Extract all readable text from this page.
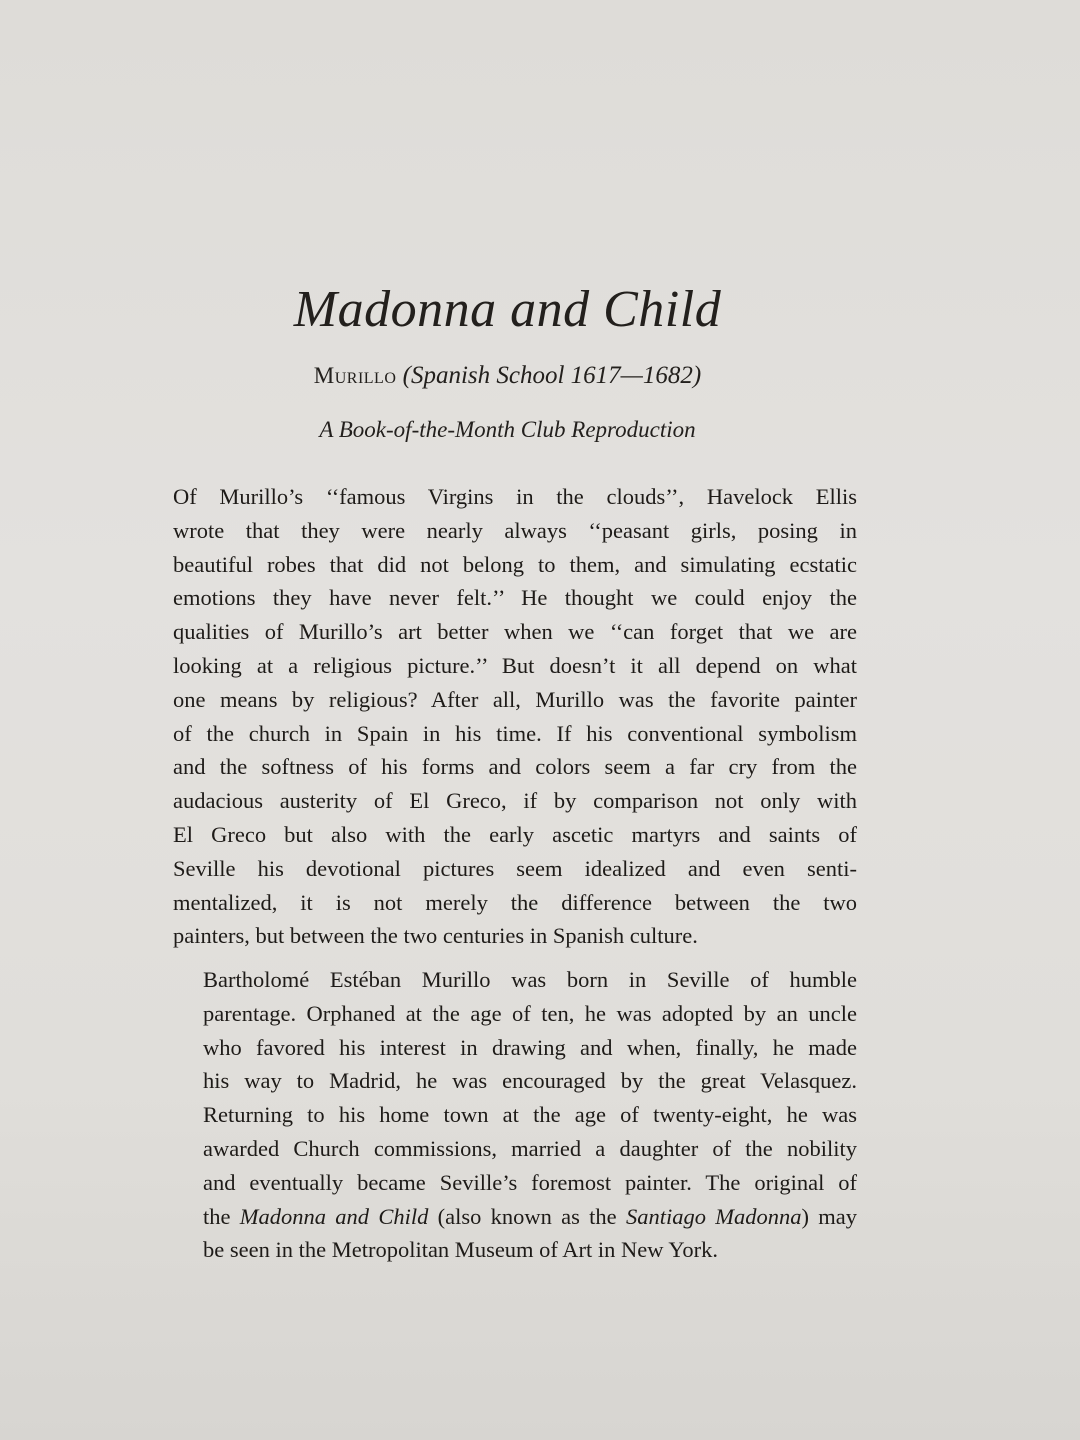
Madonna and Child
Murillo (Spanish School 1617—1682)
A Book-of-the-Month Club Reproduction
Of Murillo’s ‘‘famous Virgins in the clouds’’, Havelock Ellis
wrote that they were nearly always ‘‘peasant girls, posing in
beautiful robes that did not belong to them, and simulating ecstatic
emotions they have never felt.’’ He thought we could enjoy the
qualities of Murillo’s art better when we ‘‘can forget that we are
looking at a religious picture.’’ But doesn’t it all depend on what
one means by religious? After all, Murillo was the favorite painter
of the church in Spain in his time. If his conventional symbolism
and the softness of his forms and colors seem a far cry from the
audacious austerity of El Greco, if by comparison not only with
El Greco but also with the early ascetic martyrs and saints of
Seville his devotional pictures seem idealized and even senti-
mentalized, it is not merely the difference between the two
painters, but between the two centuries in Spanish culture.
Bartholomé Estéban Murillo was born in Seville of humble
parentage. Orphaned at the age of ten, he was adopted by an uncle
who favored his interest in drawing and when, finally, he made
his way to Madrid, he was encouraged by the great Velasquez.
Returning to his home town at the age of twenty-eight, he was
awarded Church commissions, married a daughter of the nobility
and eventually became Seville’s foremost painter. The original of
the Madonna and Child (also known as the Santiago Madonna) may
be seen in the Metropolitan Museum of Art in New York.
